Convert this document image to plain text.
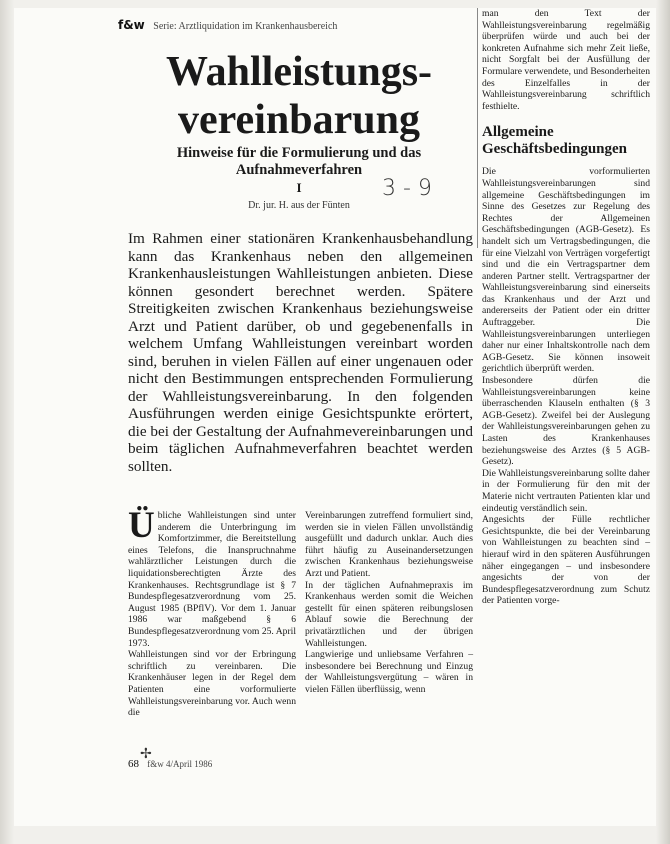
f&w Serie: Arztliquidation im Krankenhausbereich
Wahlleistungs-
vereinbarung
Hinweise für die Formulierung und das Aufnahmeverfahren
I	3 - 9
Dr. jur. H. aus der Fünten
Im Rahmen einer stationären Krankenhausbehandlung kann das Krankenhaus neben den allgemeinen Krankenhausleistungen Wahlleistungen anbieten. Diese können gesondert berechnet werden. Spätere Streitigkeiten zwischen Krankenhaus beziehungsweise Arzt und Patient darüber, ob und gegebenenfalls in welchem Umfang Wahlleistungen vereinbart worden sind, beruhen in vielen Fällen auf einer ungenauen oder nicht den Bestimmungen entsprechenden Formulierung der Wahlleistungsvereinbarung. In den folgenden Ausführungen werden einige Gesichtspunkte erörtert, die bei der Gestaltung der Aufnahmevereinbarungen und beim täglichen Aufnahmeverfahren beachtet werden sollten.

Übliche Wahlleistungen sind unter anderem die Unterbringung im Komfortzimmer, die Bereitstellung eines Telefons, die Inanspruchnahme wahlärztlicher Leistungen durch die liquidationsberechtigten Ärzte des Krankenhauses. Rechtsgrundlage ist § 7 Bundespflegesatzverordnung vom 25. August 1985 (BPflV). Vor dem 1. Januar 1986 war maßgebend § 6 Bundespflegesatzverordnung vom 25. April 1973.

Wahlleistungen sind vor der Erbringung schriftlich zu vereinbaren. Die Krankenhäuser legen in der Regel dem Patienten eine vorformulierte Wahlleistungsvereinbarung vor. Auch wenn die

Vereinbarungen zutreffend formuliert sind, werden sie in vielen Fällen unvollständig ausgefüllt und dadurch unklar. Auch dies führt häufig zu Auseinandersetzungen zwischen Krankenhaus beziehungsweise Arzt und Patient.

In der täglichen Aufnahmepraxis im Krankenhaus werden somit die Weichen gestellt für einen späteren reibungslosen Ablauf sowie die Berechnung der privatärztlichen und der übrigen Wahlleistungen.

Langwierige und unliebsame Verfahren – insbesondere bei Berechnung und Einzug der Wahlleistungsvergütung – wären in vielen Fällen überflüssig, wenn

man den Text der Wahlleistungsvereinbarung regelmäßig überprüfen würde und auch bei der konkreten Aufnahme sich mehr Zeit ließe, nicht Sorgfalt bei der Ausfüllung der Formulare verwendete, und Besonderheiten des Einzelfalles in der Wahlleistungsvereinbarung schriftlich festhielte.

Allgemeine Geschäftsbedingungen

Die vorformulierten Wahlleistungsvereinbarungen sind allgemeine Geschäftsbedingungen im Sinne des Gesetzes zur Regelung des Rechtes der Allgemeinen Geschäftsbedingungen (AGB-Gesetz). Es handelt sich um Vertragsbedingungen, die für eine Vielzahl von Verträgen vorgefertigt sind und die ein Vertragspartner dem anderen Partner stellt. Vertragspartner der Wahlleistungsvereinbarung sind einerseits das Krankenhaus und der Arzt und andererseits der Patient oder ein dritter Auftraggeber. Die Wahlleistungsvereinbarungen unterliegen daher nur einer Inhaltskontrolle nach dem AGB-Gesetz. Sie können insoweit gerichtlich überprüft werden.

Insbesondere dürfen die Wahlleistungsvereinbarungen keine überraschenden Klauseln enthalten (§ 3 AGB-Gesetz). Zweifel bei der Auslegung der Wahlleistungsvereinbarungen gehen zu Lasten des Krankenhauses beziehungsweise des Arztes (§ 5 AGB-Gesetz).

Die Wahlleistungsvereinbarung sollte daher in der Formulierung für den mit der Materie nicht vertrauten Patienten klar und eindeutig verständlich sein.

Angesichts der Fülle rechtlicher Gesichtspunkte, die bei der Vereinbarung von Wahlleistungen zu beachten sind – hierauf wird in den späteren Ausführungen näher eingegangen – und insbesondere angesichts der von der Bundespflegesatzverordnung zum Schutz der Patienten vorge-

✢
68 f&w 4/April 1986
